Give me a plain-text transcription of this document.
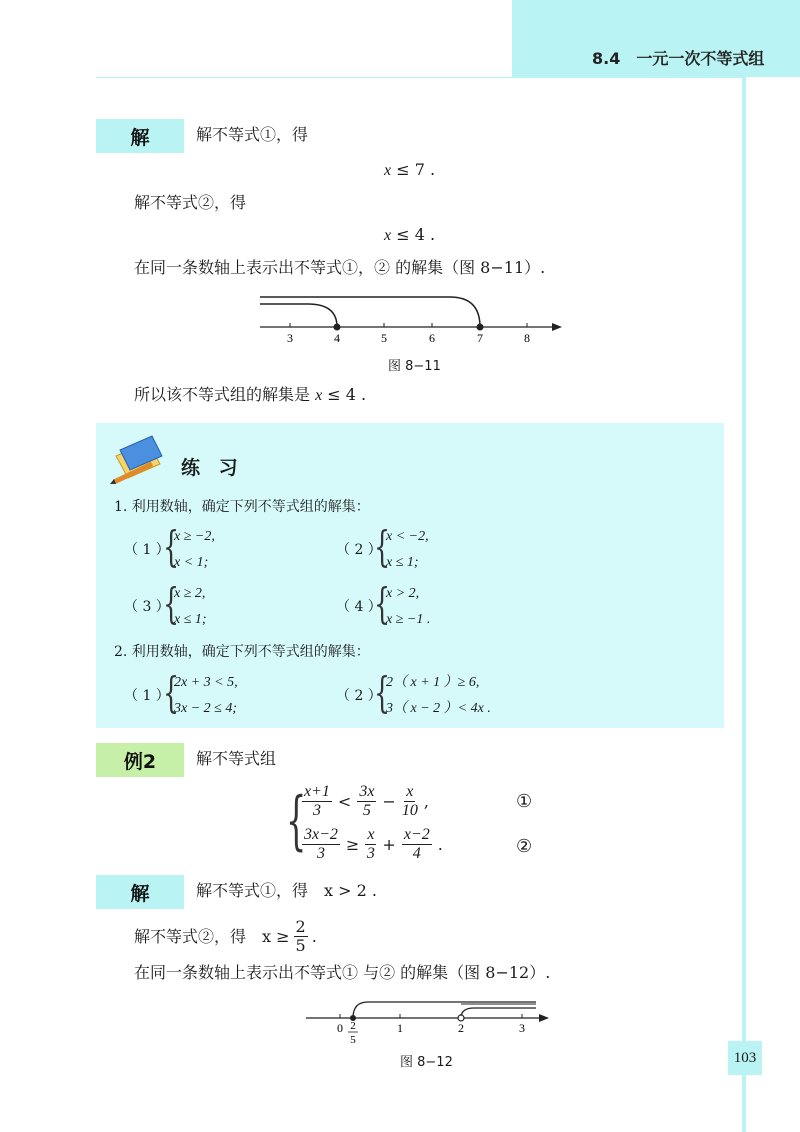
8.4　一元一次不等式组
解	解不等式①，得
x ≤ 7 .
解不等式②，得
x ≤ 4 .
在同一条数轴上表示出不等式①，② 的解集（图 8−11）.
3	4	5	6	7	8
图 8−11
所以该不等式组的解集是 x ≤ 4 .
练 习
1. 利用数轴，确定下列不等式组的解集：
（ 1 ）
{
x ≥ −2,
x < 1;
（ 2 ）
{
x < −2,
x ≤ 1;
（ 3 ）
{
x ≥ 2,
x ≤ 1;
（ 4 ）
{
x > 2,
x ≥ −1 .
2. 利用数轴，确定下列不等式组的解集：
（ 1 ）
{
2x + 3 < 5,
3x − 2 ≤ 4;
（ 2 ）
{
2（ x + 1 ）≥ 6,
3（ x − 2 ）< 4x .
例2	解不等式组
{
$\frac{x+1}{3} < \frac{3x}{5} - \frac{x}{10}$ ,	①
$\frac{3x-2}{3} \ge \frac{x}{3} + \frac{x-2}{4}$ .	②
解	解不等式①，得　x > 2 .
解不等式②，得　$x \ge \frac{2}{5}$ .
在同一条数轴上表示出不等式① 与② 的解集（图 8−12）.
0 2
5
1	2	3
图 8−12	103
